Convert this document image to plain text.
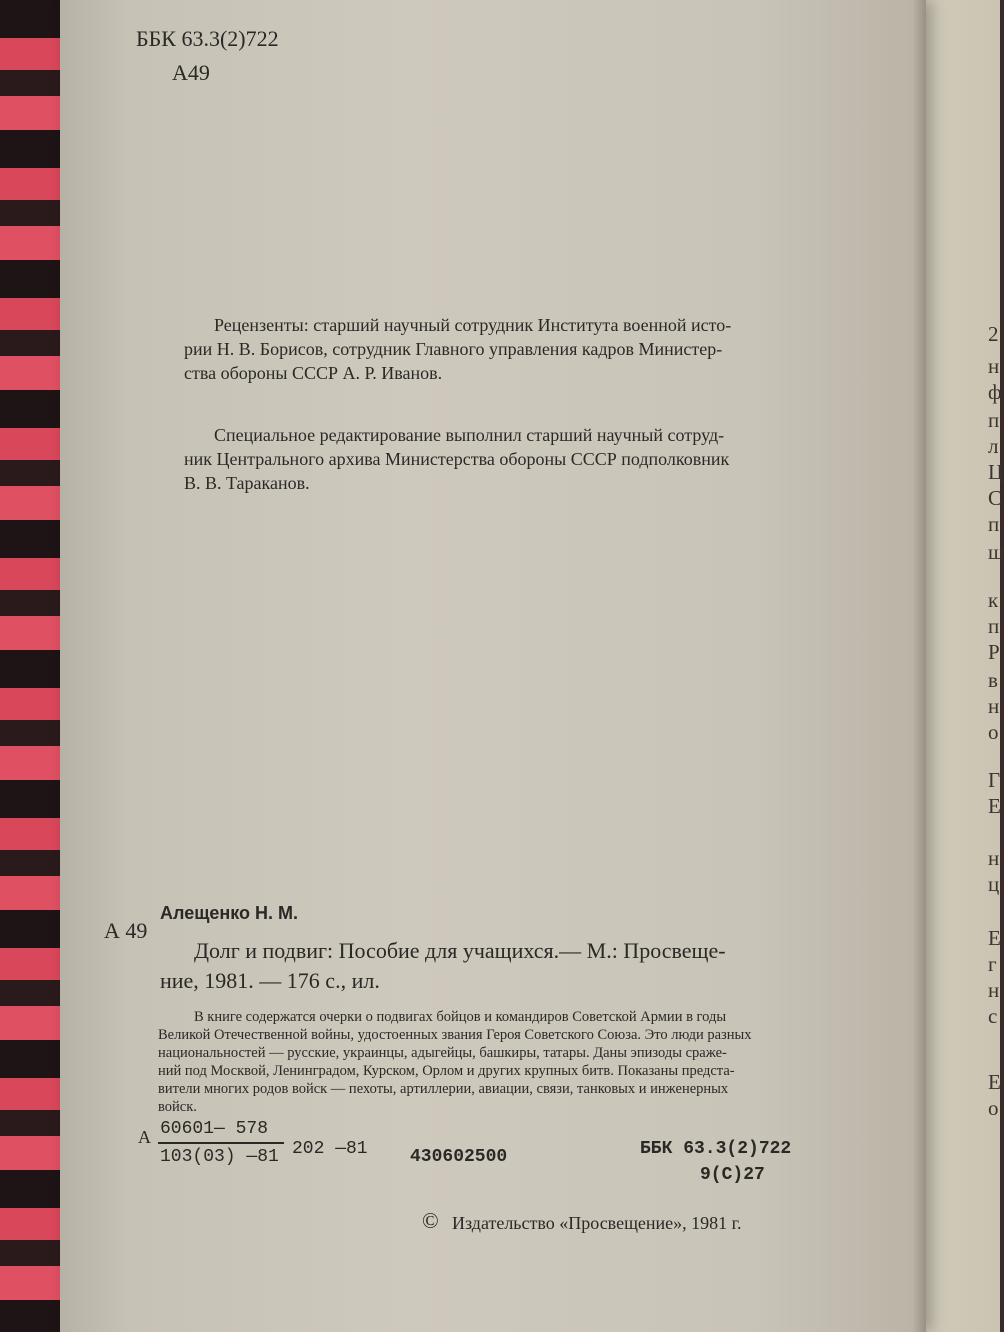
2
н
ф
п
л
Ц
С
п
ш
к
п
Р
в
н
о
Г
Е
н
ц
Е
г
н
с
Е
о
ББК 63.3(2)722
А49
Рецензенты: старший научный сотрудник Института военной исто-
рии Н. В. Борисов, сотрудник Главного управления кадров Министер-
ства обороны СССР А. Р. Иванов.
Специальное редактирование выполнил старший научный сотруд-
ник Центрального архива Министерства обороны СССР подполковник
В. В. Тараканов.
Алещенко Н. М.
А 49
Долг и подвиг: Пособие для учащихся.— М.: Просвеще-
ние, 1981. — 176 с., ил.
В книге содержатся очерки о подвигах бойцов и командиров Советской Армии в годы
Великой Отечественной войны, удостоенных звания Героя Советского Союза. Это люди разных
национальностей — русские, украинцы, адыгейцы, башкиры, татары. Даны эпизоды сраже-
ний под Москвой, Ленинградом, Курском, Орлом и других крупных битв. Показаны предста-
вители многих родов войск — пехоты, артиллерии, авиации, связи, танковых и инженерных
войск.
А 60601— 578
103(03) —81 202 —81 430602500	ББК 63.3(2)722
9(С)27
© Издательство «Просвещение», 1981 г.
